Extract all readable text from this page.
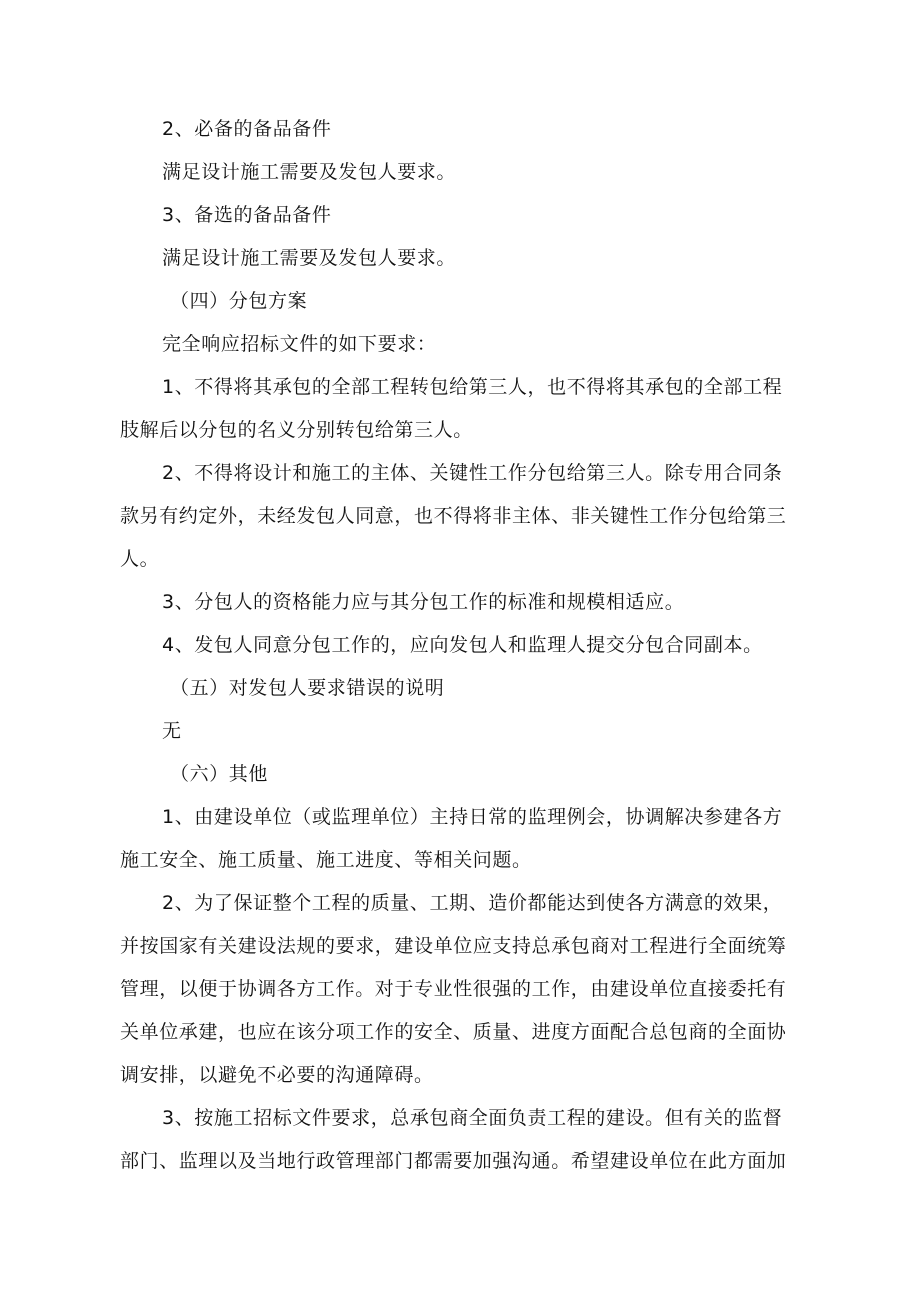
2、必备的备品备件
满足设计施工需要及发包人要求。
3、备选的备品备件
满足设计施工需要及发包人要求。
（四）分包方案
完全响应招标文件的如下要求：
1、不得将其承包的全部工程转包给第三人，也不得将其承包的全部工程
肢解后以分包的名义分别转包给第三人。
2、不得将设计和施工的主体、关键性工作分包给第三人。除专用合同条
款另有约定外，未经发包人同意，也不得将非主体、非关键性工作分包给第三
人。
3、分包人的资格能力应与其分包工作的标准和规模相适应。
4、发包人同意分包工作的，应向发包人和监理人提交分包合同副本。
（五）对发包人要求错误的说明
无
（六）其他
1、由建设单位（或监理单位）主持日常的监理例会，协调解决参建各方
施工安全、施工质量、施工进度、等相关问题。
2、为了保证整个工程的质量、工期、造价都能达到使各方满意的效果，
并按国家有关建设法规的要求，建设单位应支持总承包商对工程进行全面统筹
管理，以便于协调各方工作。对于专业性很强的工作，由建设单位直接委托有
关单位承建，也应在该分项工作的安全、质量、进度方面配合总包商的全面协
调安排，以避免不必要的沟通障碍。
3、按施工招标文件要求，总承包商全面负责工程的建设。但有关的监督
部门、监理以及当地行政管理部门都需要加强沟通。希望建设单位在此方面加
